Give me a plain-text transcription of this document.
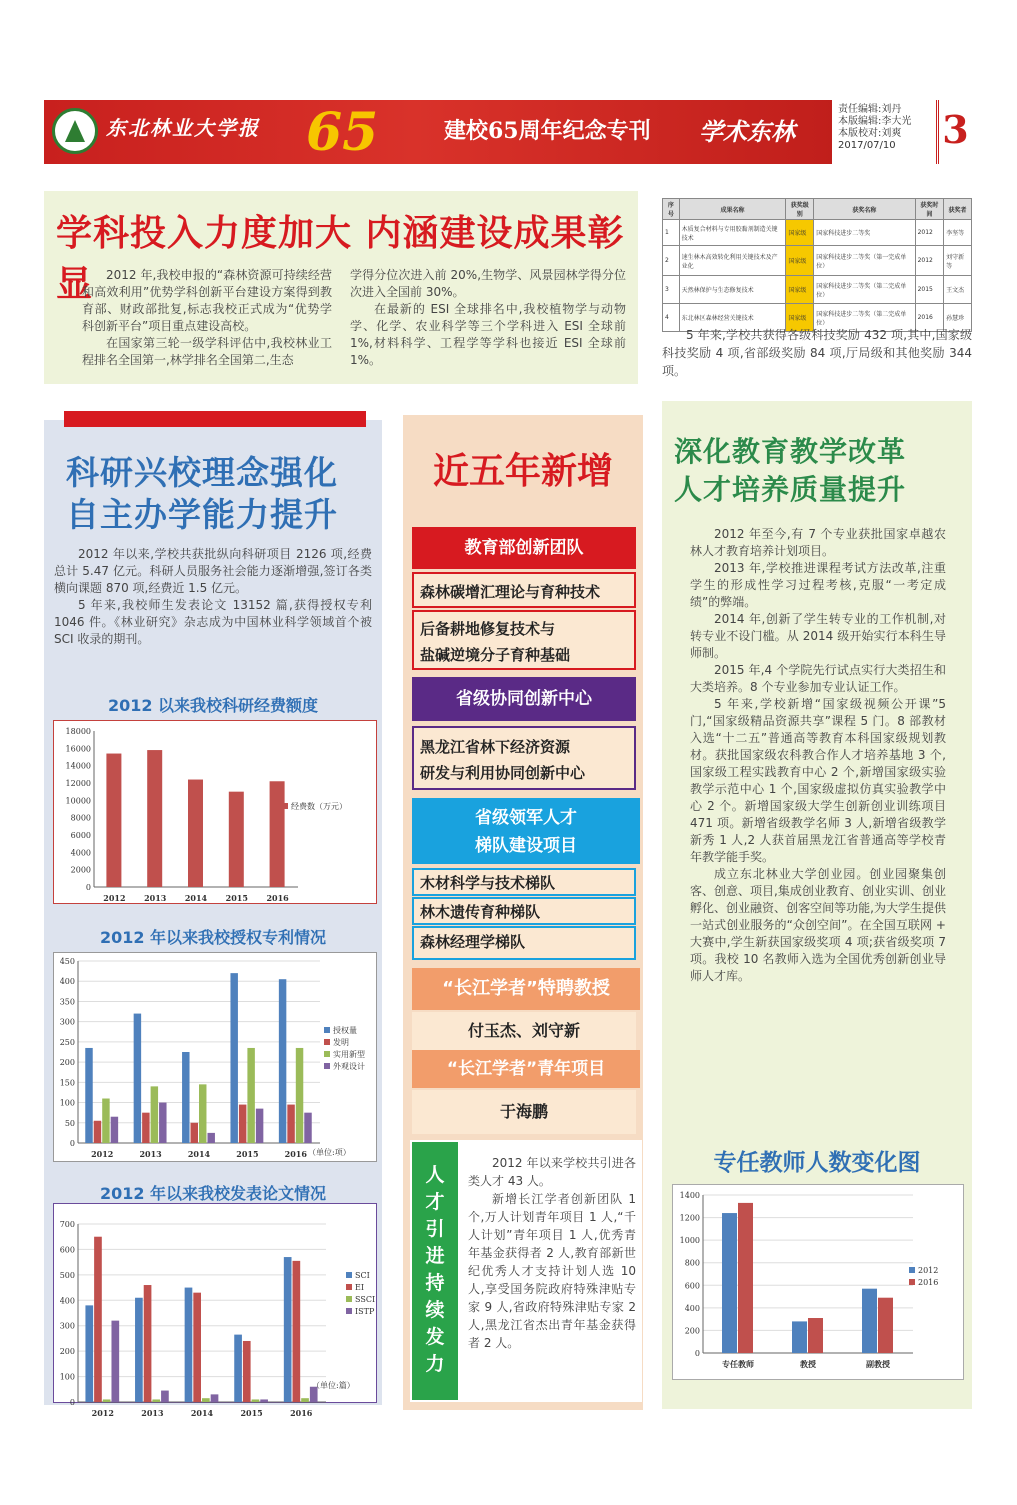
东北林业大学报 65	建校65周年纪念专刊 学术东林
责任编辑:刘丹
本版编辑:李大光
本版校对:刘爽
2017/07/10	3
学科投入力度加大 内涵建设成果彰显	2012 年,我校申报的“森林资源可持续经营和高效利用”优势学科创新平台建设方案得到教育部、财政部批复,标志我校正式成为“优势学科创新平台”项目重点建设高校。

在国家第三轮一级学科评估中,我校林业工程排名全国第一,林学排名全国第二,生态

学得分位次进入前 20%,生物学、风景园林学得分位次进入全国前 30%。

在最新的 ESI 全球排名中,我校植物学与动物学、化学、农业科学等三个学科进入 ESI 全球前 1%,材料科学、工程学等学科也接近 ESI 全球前 1%。

序号	成果名称	获奖级别	获奖名称	获奖时间	获奖者
1	木质复合材料与专用胶黏剂制造关键技术	国家级	国家科技进步二等奖	2012	李坚等
2	速生林木高效转化利用关键技术及产业化	国家级	国家科技进步二等奖（第一完成单位）	2012	刘守新等
3	天然林保护与生态修复技术	国家级	国家科技进步二等奖（第二完成单位）	2015	王文杰
4	东北林区森林经营关键技术	国家级	国家科技进步二等奖（第二完成单位）	2016	孙慧珍
5 年来,学校共获得各级科技奖励 432 项,其中,国家级科技奖励 4 项,省部级奖励 84 项,厅局级和其他奖励 344 项。
科研兴校理念强化
自主办学能力提升

2012 年以来,学校共获批纵向科研项目 2126 项,经费总计 5.47 亿元。科研人员服务社会能力逐渐增强,签订各类横向课题 870 项,经费近 1.5 亿元。

5 年来,我校师生发表论文 13152 篇,获得授权专利 1046 件。《林业研究》杂志成为中国林业科学领域首个被 SCI 收录的期刊。

2012 以来我校科研经费额度
0
2000
4000
6000
8000
10000
12000
14000
16000
18000
2012 2013 2014 2015 2016
经费数（万元）
2012 年以来我校授权专利情况
0
50
100
150
200
250
300
350
400
450
2012	2013	2014	2015	2016
授权量
发明
实用新型
外观设计
（单位:项）
2012 年以来我校发表论文情况
0
100
200
300
400
500
600
700
2012	2013	2014	2015	2016
SCI
EI
SSCI
ISTP
（单位:篇）
近五年新增
教育部创新团队
森林碳增汇理论与育种技术
后备耕地修复技术与
盐碱逆境分子育种基础
省级协同创新中心
黑龙江省林下经济资源
研发与利用协同创新中心
省级领军人才
梯队建设项目
木材科学与技术梯队
林木遗传育种梯队
森林经理学梯队
“长江学者”特聘教授
付玉杰、刘守新
“长江学者”青年项目
于海鹏
人才引进持续发力

2012 年以来学校共引进各类人才 43 人。

新增长江学者创新团队 1 个,万人计划青年项目 1 人,“千人计划”青年项目 1 人,优秀青年基金获得者 2 人,教育部新世纪优秀人才支持计划人选 10 人,享受国务院政府特殊津贴专家 9 人,省政府特殊津贴专家 2 人,黑龙江省杰出青年基金获得者 2 人。

深化教育教学改革
人才培养质量提升

2012 年至今,有 7 个专业获批国家卓越农林人才教育培养计划项目。

2013 年,学校推进课程考试方法改革,注重学生的形成性学习过程考核,克服“一考定成绩”的弊端。

2014 年,创新了学生转专业的工作机制,对转专业不设门槛。从 2014 级开始实行本科生导师制。

2015 年,4 个学院先行试点实行大类招生和大类培养。8 个专业参加专业认证工作。

5 年来,学校新增“国家级视频公开课”5 门,“国家级精品资源共享”课程 5 门。8 部教材入选“十二五”普通高等教育本科国家级规划教材。获批国家级农科教合作人才培养基地 3 个,国家级工程实践教育中心 2 个,新增国家级实验教学示范中心 1 个,国家级虚拟仿真实验教学中心 2 个。新增国家级大学生创新创业训练项目 471 项。新增省级教学名师 3 人,新增省级教学新秀 1 人,2 人获首届黑龙江省普通高等学校青年教学能手奖。

成立东北林业大学创业园。创业园聚集创客、创意、项目,集成创业教育、创业实训、创业孵化、创业融资、创客空间等功能,为大学生提供一站式创业服务的“众创空间”。在全国互联网 + 大赛中,学生新获国家级奖项 4 项;获省级奖项 7 项。我校 10 名教师入选为全国优秀创新创业导师人才库。

专任教师人数变化图
0
200
400
600
800
1000
1200
1400
专任教师	教授	副教授
2012
2016
